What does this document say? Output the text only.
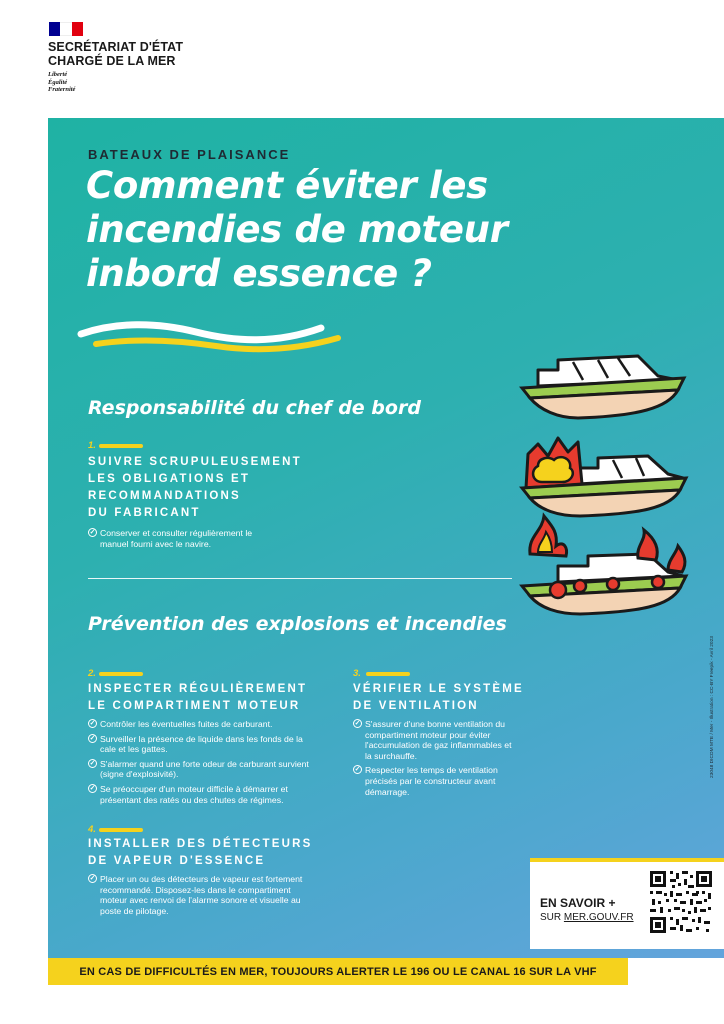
SECRÉTARIAT D'ÉTAT
CHARGÉ DE LA MER
Liberté
Égalité
Fraternité
BATEAUX DE PLAISANCE
Comment éviter les
incendies de moteur
inbord essence ?
Responsabilité du chef de bord
1.
SUIVRE SCRUPULEUSEMENT
LES OBLIGATIONS ET
RECOMMANDATIONS
DU FABRICANT
✓ Conserver et consulter régulièrement le manuel fourni avec le navire.
Prévention des explosions et incendies
2.
INSPECTER RÉGULIÈREMENT
LE COMPARTIMENT MOTEUR
✓ Contrôler les éventuelles fuites de carburant.
✓ Surveiller la présence de liquide dans les fonds de la cale et les gattes.
✓ S'alarmer quand une forte odeur de carburant survient (signe d'explosivité).
✓ Se préoccuper d'un moteur difficile à démarrer et présentant des ratés ou des chutes de régimes.
3.
VÉRIFIER LE SYSTÈME
DE VENTILATION
✓ S'assurer d'une bonne ventilation du compartiment moteur pour éviter l'accumulation de gaz inflammables et la surchauffe.
✓ Respecter les temps de ventilation précisés par le constructeur avant démarrage.
4.
INSTALLER DES DÉTECTEURS
DE VAPEUR D'ESSENCE
✓ Placer un ou des détecteurs de vapeur est fortement recommandé. Disposez-les dans le compartiment moteur avec renvoi de l'alarme sonore et visuelle au poste de pilotage.
EN SAVOIR +
SUR MER.GOUV.FR
23048 DICOM MTE / Mer - Illustration : CC-BY Freepik - Avril 2023
EN CAS DE DIFFICULTÉS EN MER, TOUJOURS ALERTER LE 196 OU LE CANAL 16 SUR LA VHF
